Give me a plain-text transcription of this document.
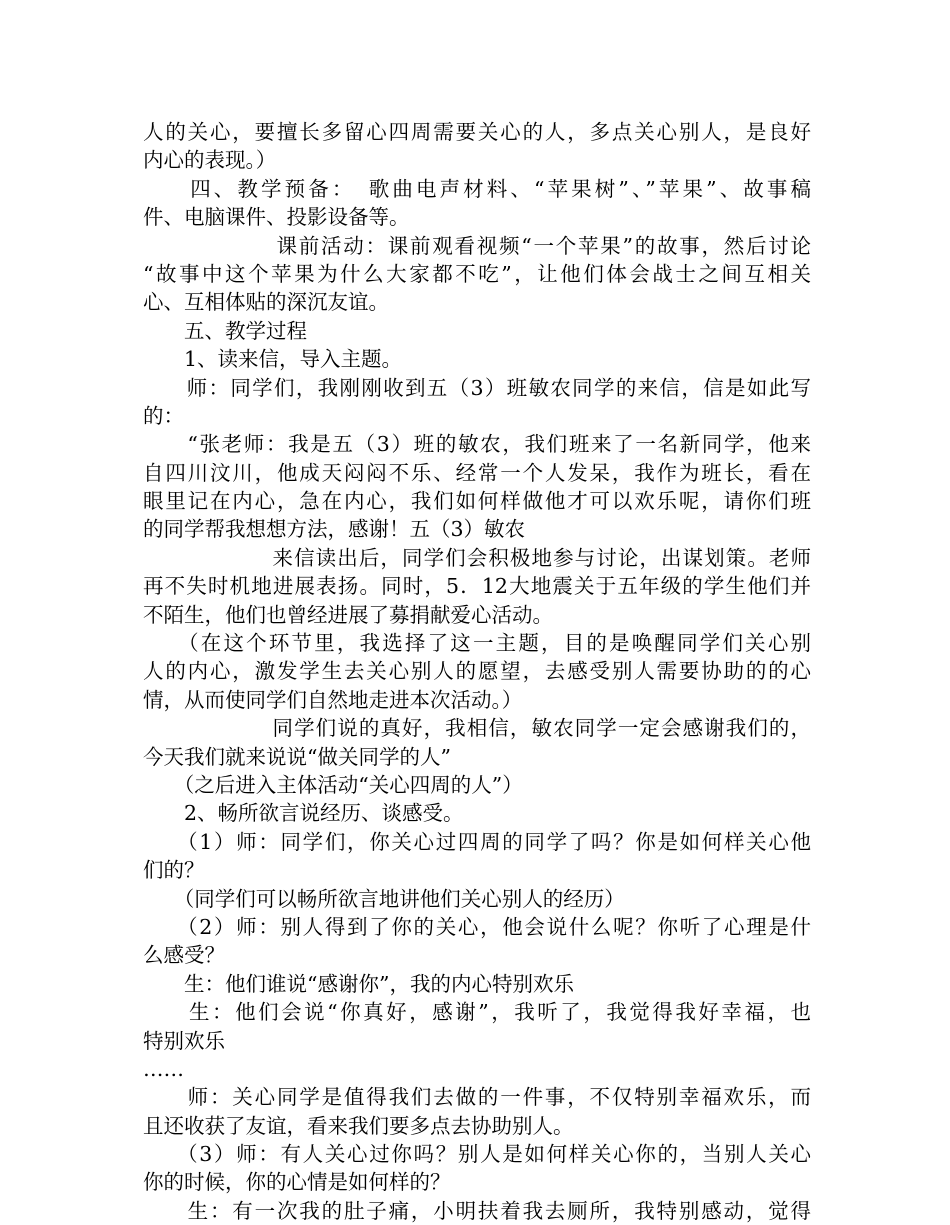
人的关心，要擅长多留心四周需要关心的人，多点关心别人，是良好
内心的表现。）
　　四、教学预备：　歌曲电声材料、“苹果树”、”苹果”、故事稿
件、电脑课件、投影设备等。
　　　　　　课前活动：课前观看视频“一个苹果”的故事，然后讨论
“故事中这个苹果为什么大家都不吃”，让他们体会战士之间互相关
心、互相体贴的深沉友谊。
　　五、教学过程
　　1、读来信，导入主题。
　　师：同学们，我刚刚收到五（3）班敏农同学的来信，信是如此写
的：
　　“张老师：我是五（3）班的敏农，我们班来了一名新同学，他来
自四川汶川，他成天闷闷不乐、经常一个人发呆，我作为班长，看在
眼里记在内心，急在内心，我们如何样做他才可以欢乐呢，请你们班
的同学帮我想想方法，感谢！五（3）敏农
　　　　　　来信读出后，同学们会积极地参与讨论，出谋划策。老师
再不失时机地进展表扬。同时，5．12大地震关于五年级的学生他们并
不陌生，他们也曾经进展了募捐献爱心活动。
　　（在这个环节里，我选择了这一主题，目的是唤醒同学们关心别
人的内心，激发学生去关心别人的愿望，去感受别人需要协助的的心
情，从而使同学们自然地走进本次活动。）
　　　　　　同学们说的真好，我相信，敏农同学一定会感谢我们的，
今天我们就来说说“做关同学的人”
　　（之后进入主体活动“关心四周的人”）
　　2、畅所欲言说经历、谈感受。
　　（1）师：同学们，你关心过四周的同学了吗？你是如何样关心他
们的？
　　（同学们可以畅所欲言地讲他们关心别人的经历）
　　（2）师：别人得到了你的关心，他会说什么呢？你听了心理是什
么感受？
　　生：他们谁说“感谢你”，我的内心特别欢乐
　　生：他们会说“你真好，感谢”，我听了，我觉得我好幸福，也
特别欢乐
……
　　师：关心同学是值得我们去做的一件事，不仅特别幸福欢乐，而
且还收获了友谊，看来我们要多点去协助别人。
　　（3）师：有人关心过你吗？别人是如何样关心你的，当别人关心
你的时候，你的心情是如何样的？
　　生：有一次我的肚子痛，小明扶着我去厕所，我特别感动，觉得
